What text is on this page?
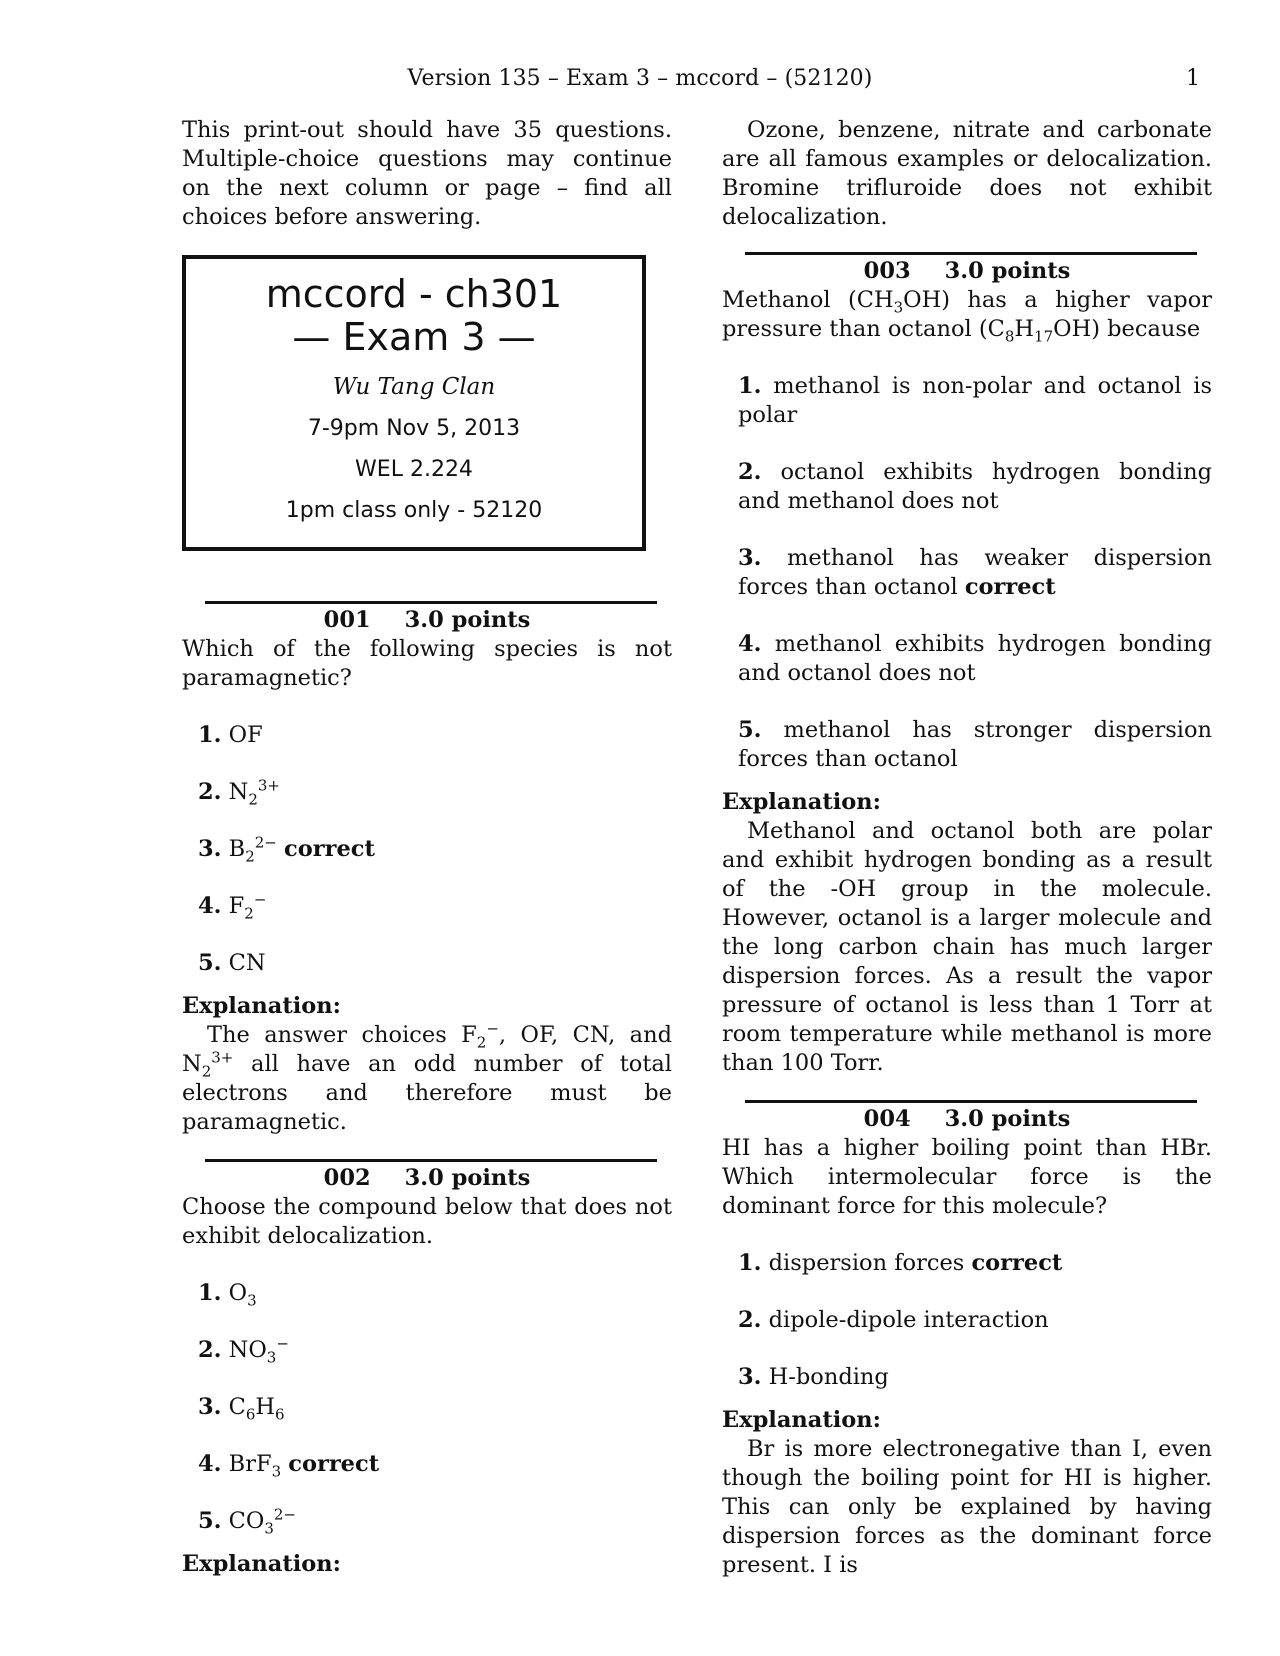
Version 135 – Exam 3 – mccord – (52120)	1

This print-out should have 35 questions. Multiple-choice questions may continue on the next column or page – find all choices before answering.

mccord - ch301
— Exam 3 —
Wu Tang Clan
7-9pm Nov 5, 2013
WEL 2.224
1pm class only - 52120
001 3.0 points

Which of the following species is not paramagnetic?

1. OF
2. $N_2^{3+}$
3. $B_2^{2-}$ correct
4. $F_2^-$
5. CN
Explanation:

The answer choices $F_2^-$, OF, CN, and $N_2^{3+}$ all have an odd number of total electrons and therefore must be paramagnetic.

002 3.0 points

Choose the compound below that does not exhibit delocalization.

1. $O_3$
2. $NO_3^-$
3. $C_6H_6$
4. BrF$_3$ correct
5. $CO_3^{2-}$
Explanation:

Ozone, benzene, nitrate and carbonate are all famous examples or delocalization. Bromine trifluroide does not exhibit delocalization.

003 3.0 points

Methanol $(CH_3OH)$ has a higher vapor pressure than octanol $(C_8H_{17}OH)$ because

1. methanol is non-polar and octanol is polar

2. octanol exhibits hydrogen bonding and methanol does not

3. methanol has weaker dispersion forces than octanol correct

4. methanol exhibits hydrogen bonding and octanol does not

5. methanol has stronger dispersion forces than octanol

Explanation:

Methanol and octanol both are polar and exhibit hydrogen bonding as a result of the -OH group in the molecule. However, octanol is a larger molecule and the long carbon chain has much larger dispersion forces. As a result the vapor pressure of octanol is less than 1 Torr at room temperature while methanol is more than 100 Torr.

004 3.0 points

HI has a higher boiling point than HBr. Which intermolecular force is the dominant force for this molecule?

1. dispersion forces correct
2. dipole-dipole interaction
3. H-bonding
Explanation:

Br is more electronegative than I, even though the boiling point for HI is higher. This can only be explained by having dispersion forces as the dominant force present. I is
